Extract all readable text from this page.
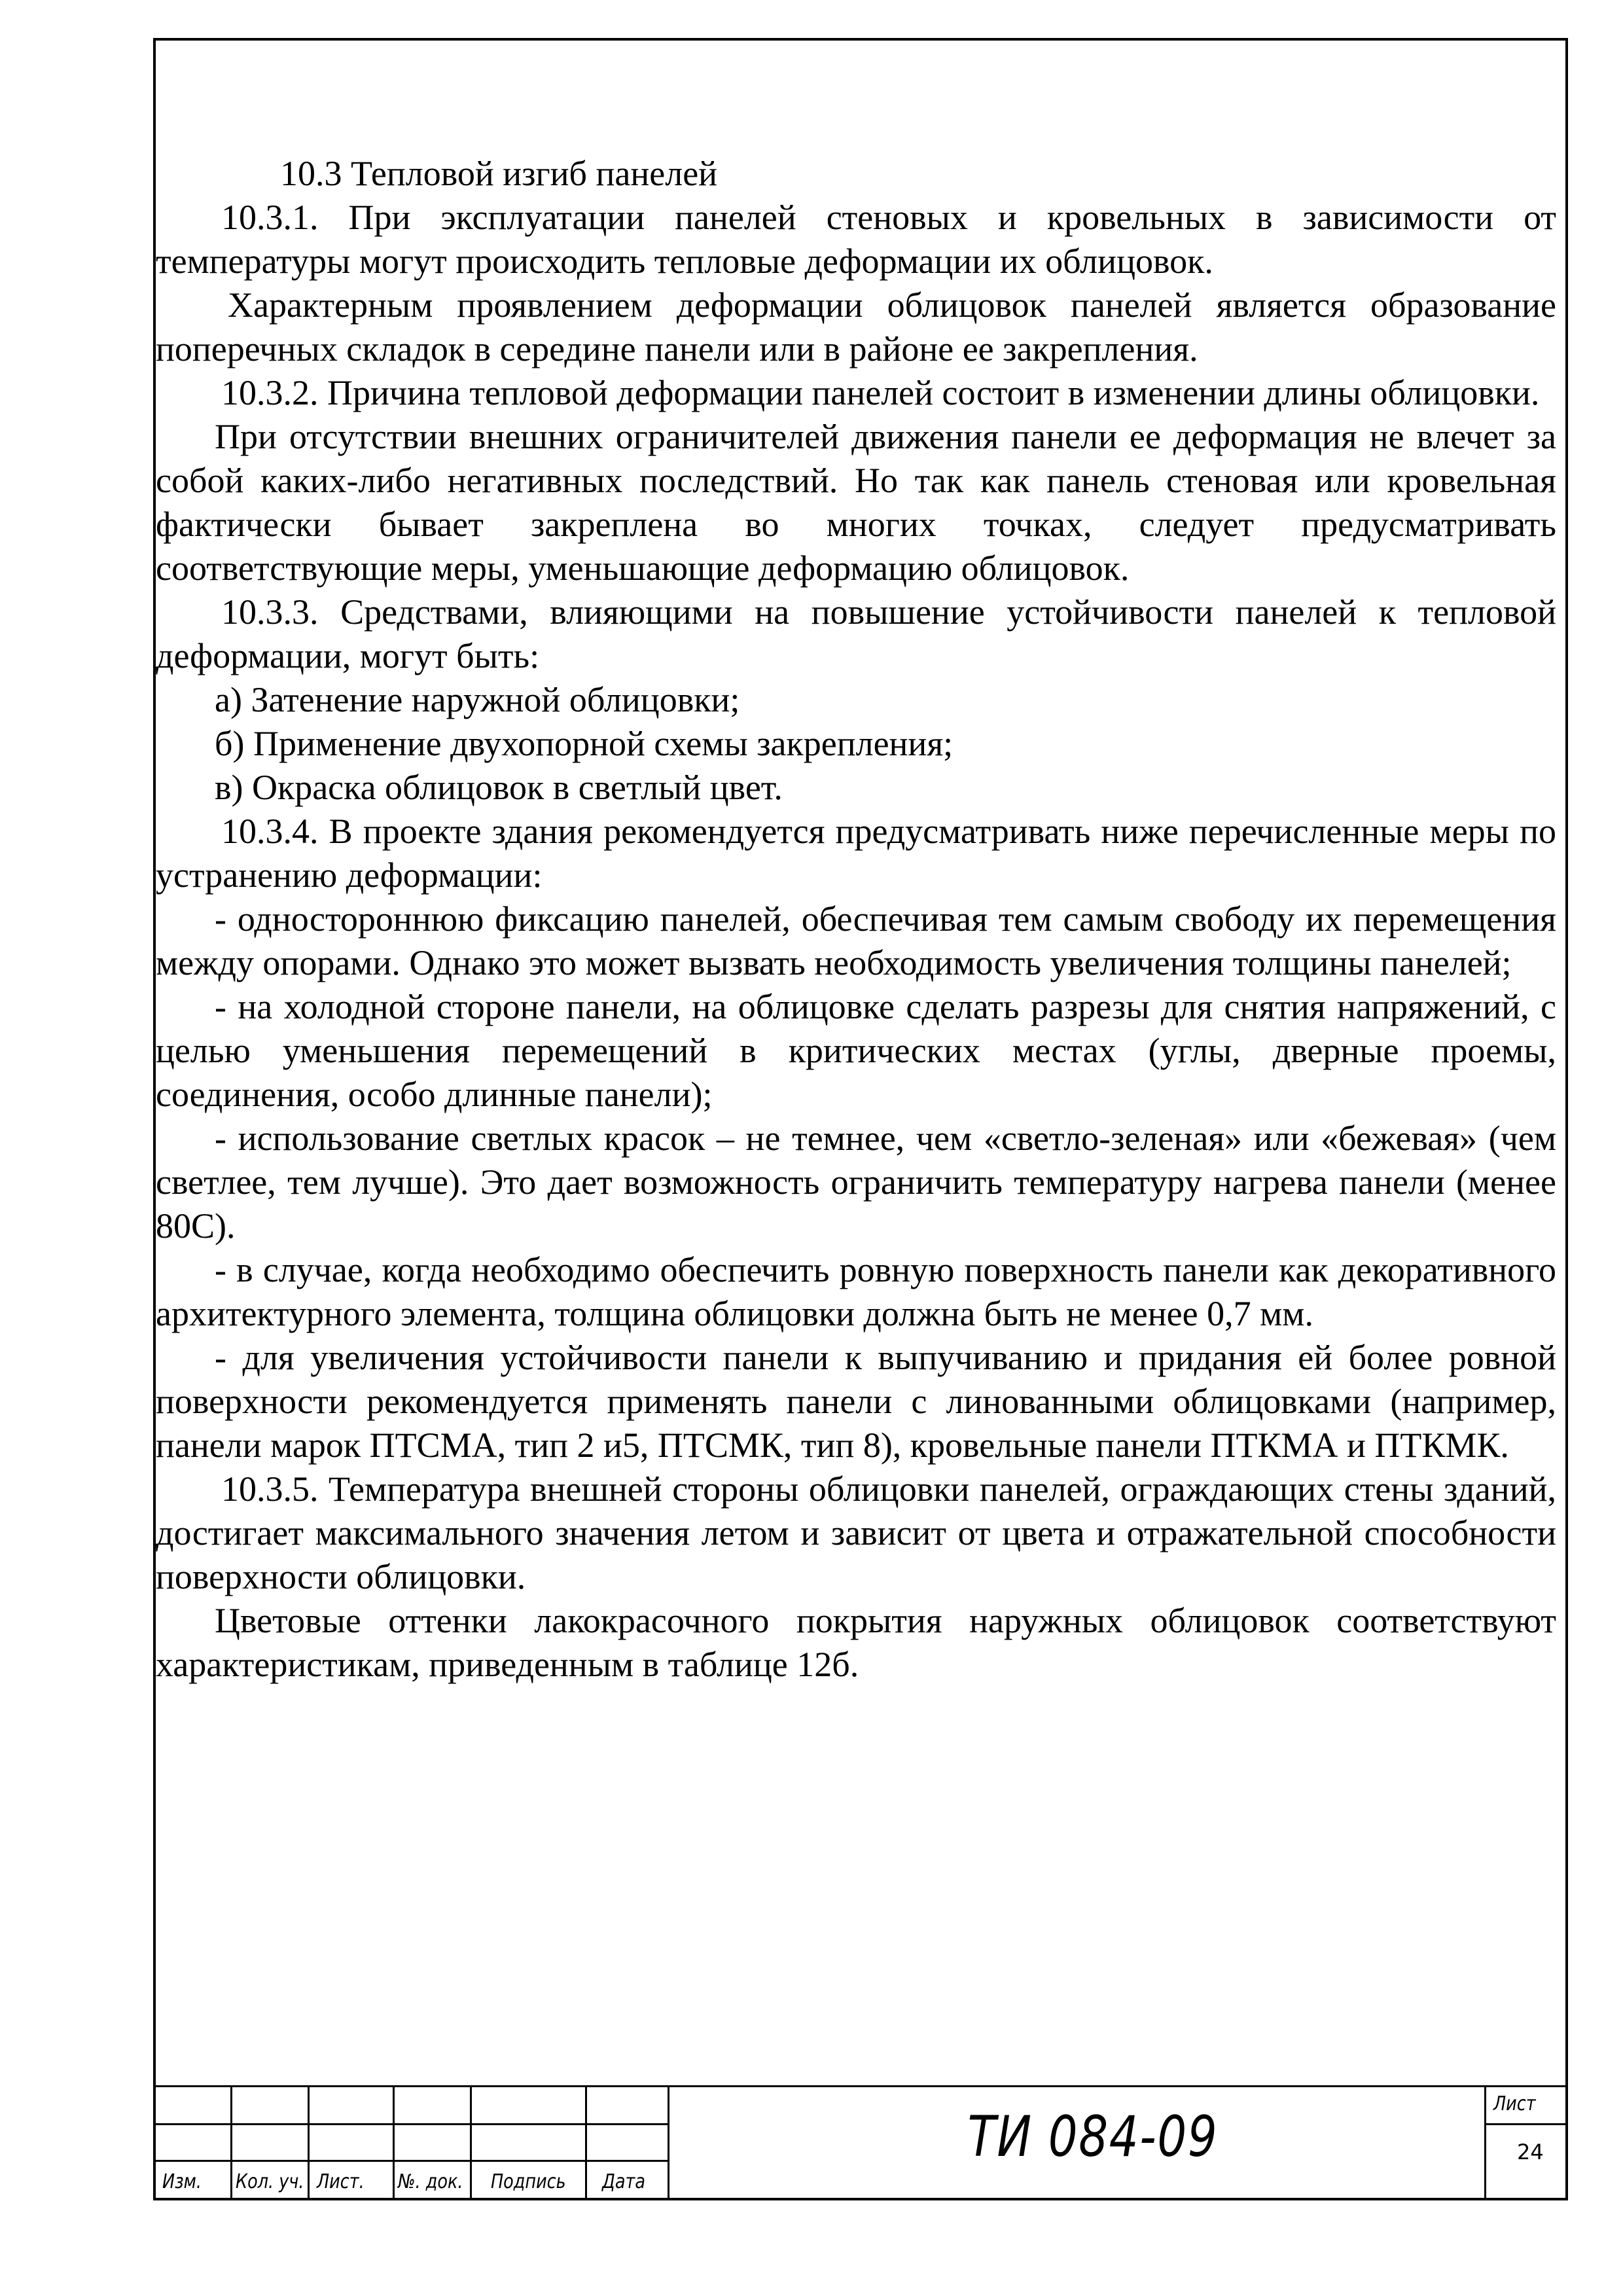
10.3 Тепловой изгиб панелей

10.3.1. При эксплуатации панелей стеновых и кровельных в зависимости от температуры могут происходить тепловые деформации их облицовок.

Характерным проявлением деформации облицовок панелей является образование поперечных складок в середине панели или в районе ее закрепления.

10.3.2. Причина тепловой деформации панелей состоит в изменении длины облицовки.

При отсутствии внешних ограничителей движения панели ее деформация не влечет за собой каких-либо негативных последствий. Но так как панель стеновая или кровельная фактически бывает закреплена во многих точках, следует предусматривать соответствующие меры, уменьшающие деформацию облицовок.

10.3.3. Средствами, влияющими на повышение устойчивости панелей к тепловой деформации, могут быть:

а) Затенение наружной облицовки;

б) Применение двухопорной схемы закрепления;

в) Окраска облицовок в светлый цвет.

10.3.4. В проекте здания рекомендуется предусматривать ниже перечисленные меры по устранению деформации:

- одностороннюю фиксацию панелей, обеспечивая тем самым свободу их перемещения между опорами. Однако это может вызвать необходимость увеличения толщины панелей;

- на холодной стороне панели, на облицовке сделать разрезы для снятия напряжений, с целью уменьшения перемещений в критических местах (углы, дверные проемы, соединения, особо длинные панели);

- использование светлых красок – не темнее, чем «светло-зеленая» или «бежевая» (чем светлее, тем лучше). Это дает возможность ограничить температуру нагрева панели (менее 80С).

- в случае, когда необходимо обеспечить ровную поверхность панели как декоративного архитектурного элемента, толщина облицовки должна быть не менее 0,7 мм.

- для увеличения устойчивости панели к выпучиванию и придания ей более ровной поверхности рекомендуется применять панели с линованными облицовками (например, панели марок ПТСМА, тип 2 и5, ПТСМК, тип 8), кровельные панели ПТКМА и ПТКМК.

10.3.5. Температура внешней стороны облицовки панелей, ограждающих стены зданий, достигает максимального значения летом и зависит от цвета и отражательной способности поверхности облицовки.

Цветовые оттенки лакокрасочного покрытия наружных облицовок соответствуют характеристикам, приведенным в таблице 12б.

Изм. Кол. уч. Лист. №. док. Подпись Дата
ТИ 084-09
Лист
24
